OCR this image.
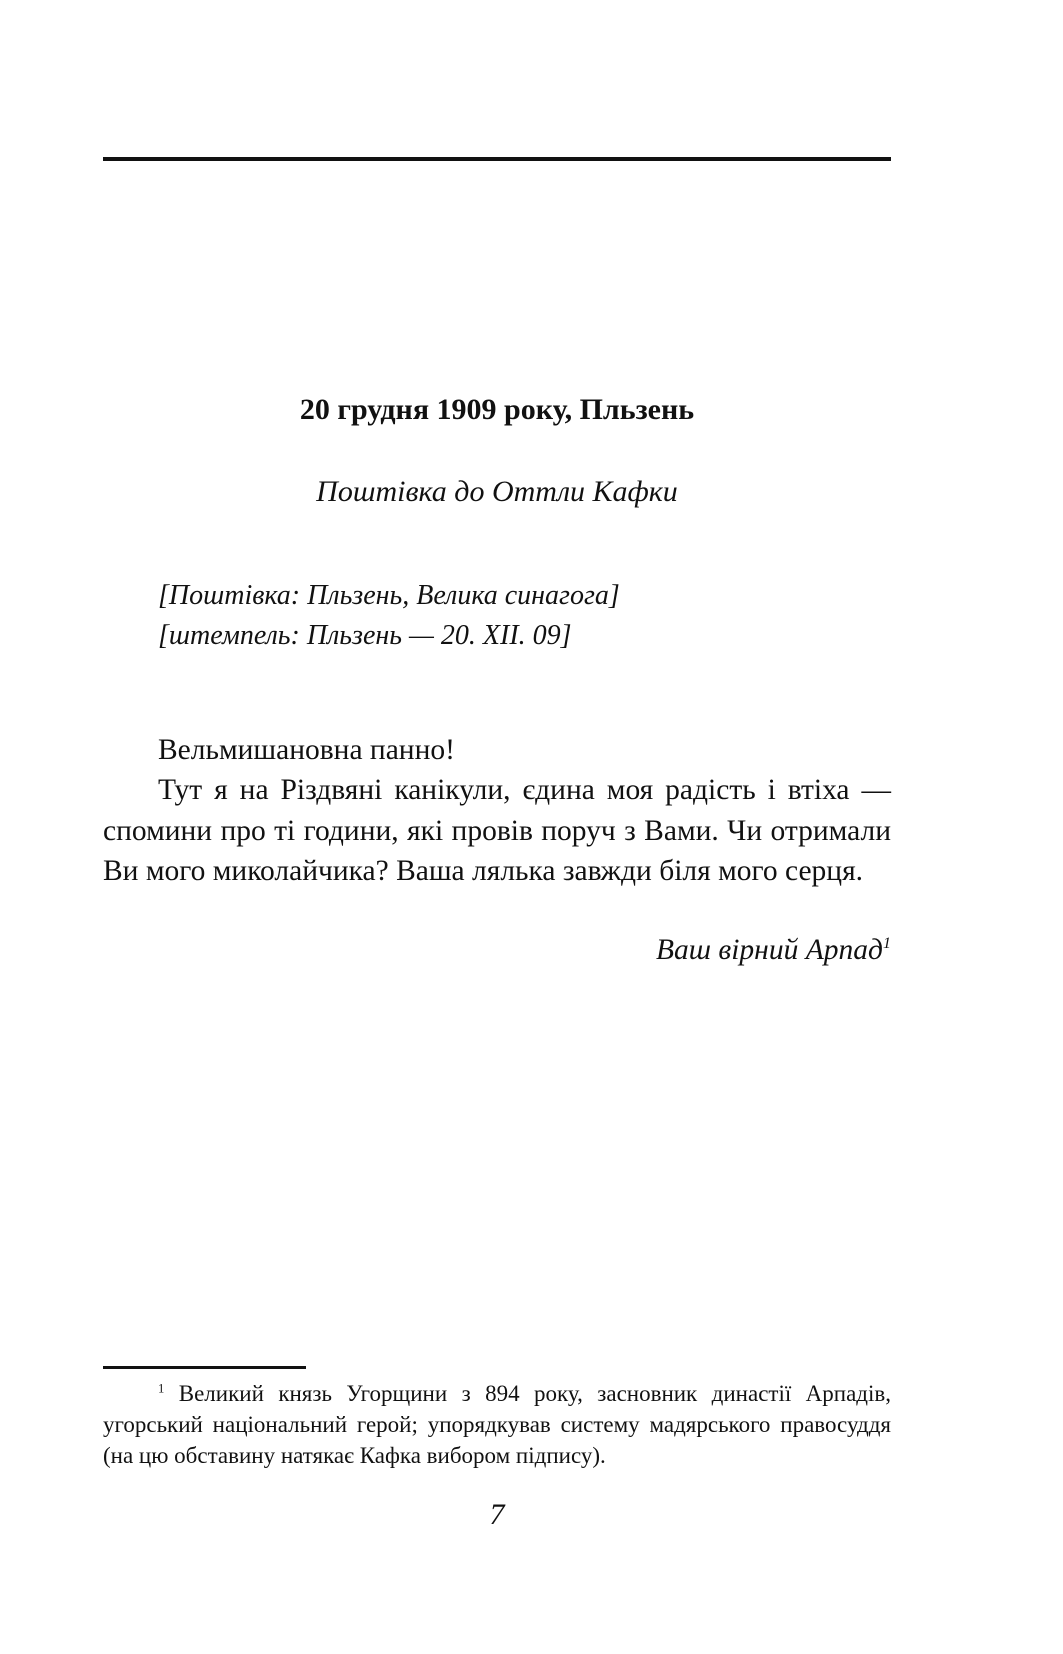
20 грудня 1909 року, Пльзень
Поштівка до Оттли Кафки
[Поштівка: Пльзень, Велика синагога]
[штемпель: Пльзень — 20. XII. 09]
Вельмишановна панно!
Тут я на Різдвяні канікули, єдина моя радість і втіха — спомини про ті години, які провів поруч з Вами. Чи отримали Ви мого миколайчика? Ваша лялька завжди біля мого серця.
Ваш вірний Арпад$^1$
$^1$ Великий князь Угорщини з 894 року, засновник династії Арпадів, угорський національний герой; упорядкував систему мадярського правосуддя (на цю обставину натякає Кафка вибором підпису).
7
